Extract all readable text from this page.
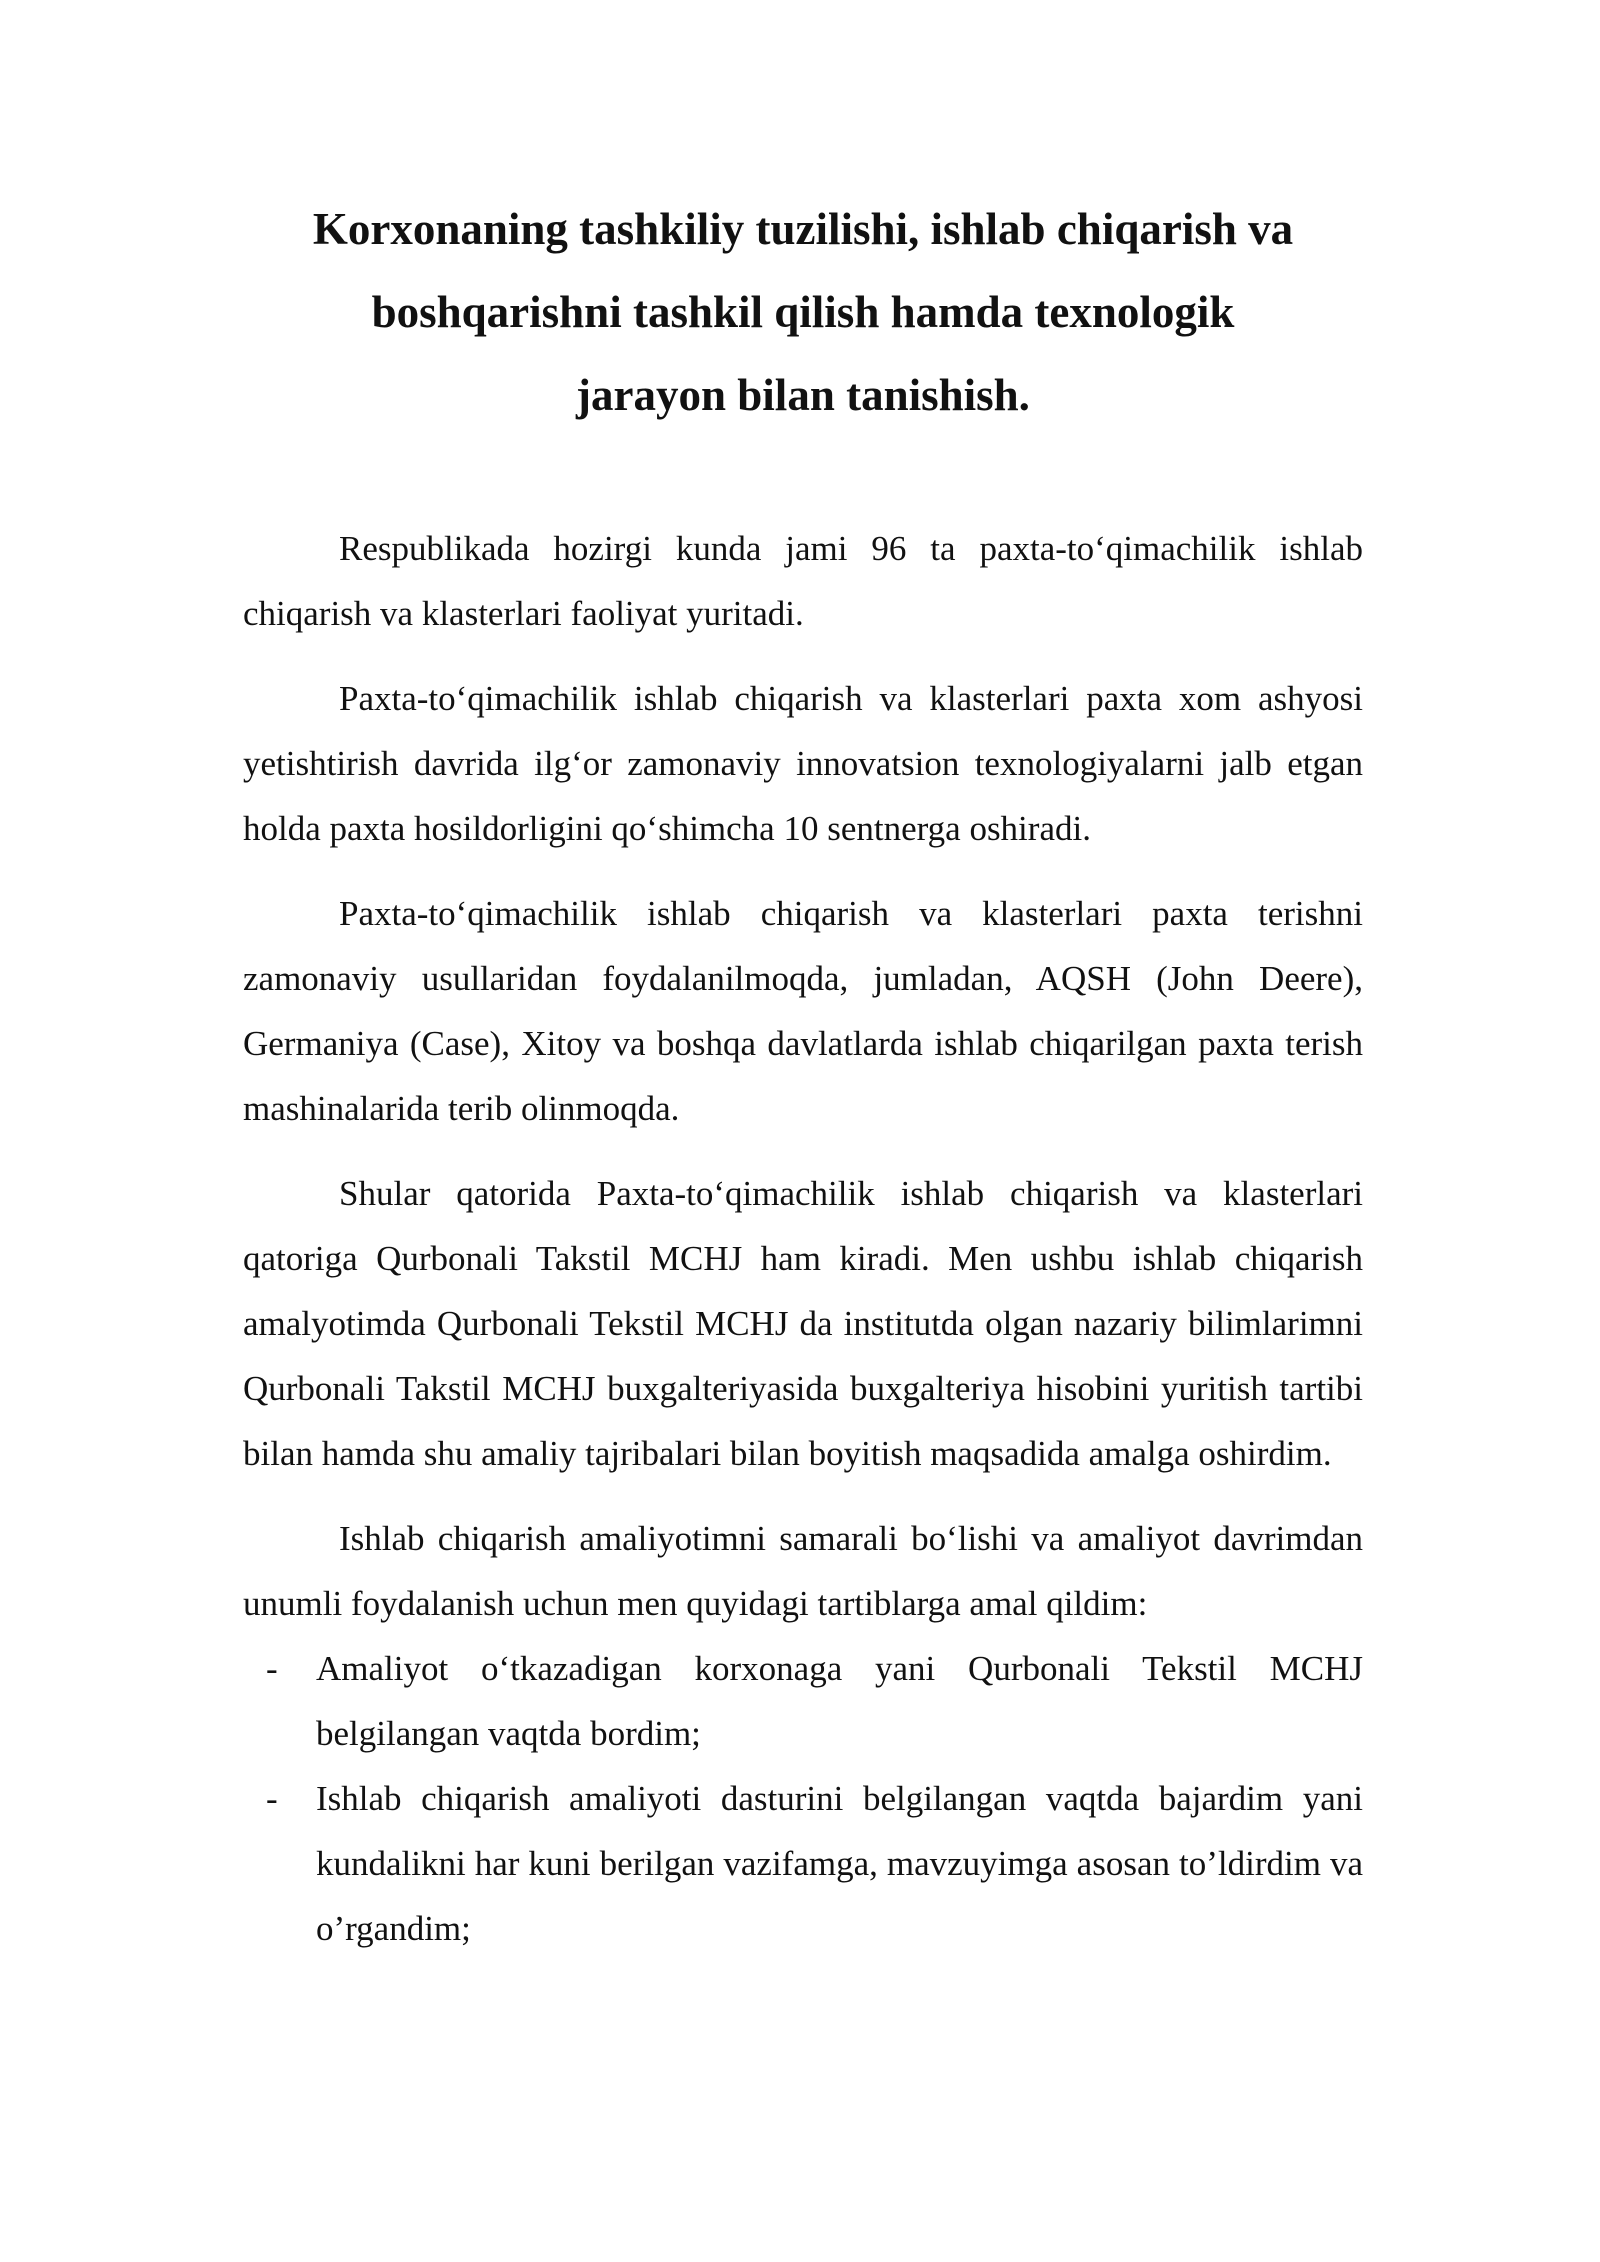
Korxonaning tashkiliy tuzilishi, ishlab chiqarish va
boshqarishni tashkil qilish hamda texnologik
jarayon bilan tanishish.

Respublikada hozirgi kunda jami 96 ta paxta-to‘qimachilik ishlab chiqarish va klasterlari faoliyat yuritadi.

Paxta-to‘qimachilik ishlab chiqarish va klasterlari paxta xom ashyosi yetishtirish davrida ilg‘or zamonaviy innovatsion texnologiyalarni jalb etgan holda paxta hosildorligini qo‘shimcha 10 sentnerga oshiradi.

Paxta-to‘qimachilik ishlab chiqarish va klasterlari paxta terishni zamonaviy usullaridan foydalanilmoqda, jumladan, AQSH (John Deere), Germaniya (Case), Xitoy va boshqa davlatlarda ishlab chiqarilgan paxta terish mashinalarida terib olinmoqda.

Shular qatorida Paxta-to‘qimachilik ishlab chiqarish va klasterlari qatoriga Qurbonali Takstil MCHJ ham kiradi. Men ushbu ishlab chiqarish amalyotimda Qurbonali Tekstil MCHJ da institutda olgan nazariy bilimlarimni Qurbonali Takstil MCHJ buxgalteriyasida buxgalteriya hisobini yuritish tartibi bilan hamda shu amaliy tajribalari bilan boyitish maqsadida amalga oshirdim.

Ishlab chiqarish amaliyotimni samarali bo‘lishi va amaliyot davrimdan unumli foydalanish uchun men quyidagi tartiblarga amal qildim:

- Amaliyot o‘tkazadigan korxonaga yani Qurbonali Tekstil MCHJ belgilangan vaqtda bordim;
- Ishlab chiqarish amaliyoti dasturini belgilangan vaqtda bajardim yani kundalikni har kuni berilgan vazifamga, mavzuyimga asosan to’ldirdim va o’rgandim;
